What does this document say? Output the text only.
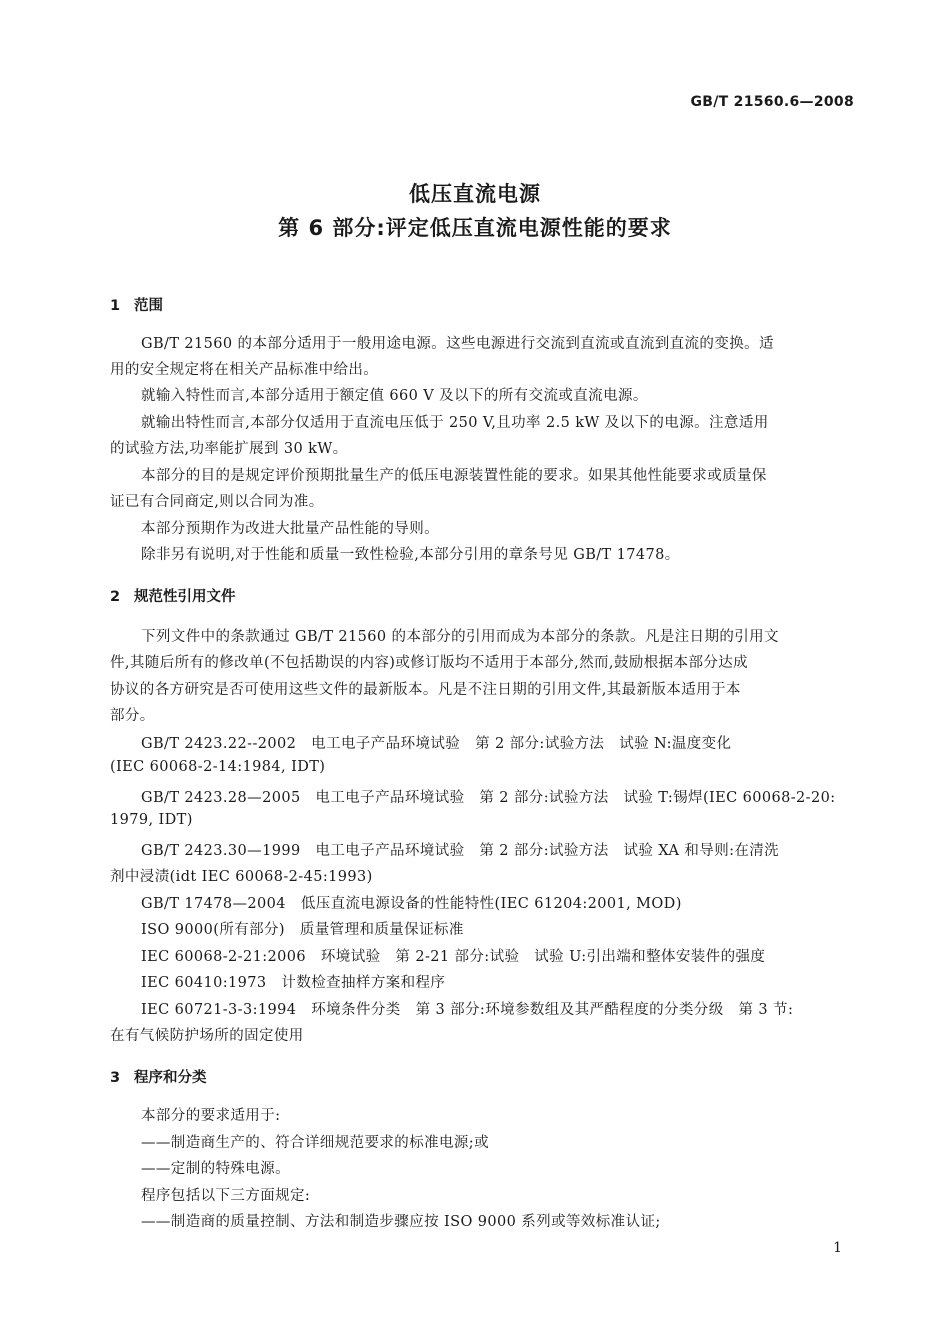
GB/T 21560.6—2008
低压直流电源
第 6 部分:评定低压直流电源性能的要求
1 范围
GB/T 21560 的本部分适用于一般用途电源。这些电源进行交流到直流或直流到直流的变换。适
用的安全规定将在相关产品标准中给出。
就输入特性而言,本部分适用于额定值 660 V 及以下的所有交流或直流电源。
就输出特性而言,本部分仅适用于直流电压低于 250 V,且功率 2.5 kW 及以下的电源。注意适用
的试验方法,功率能扩展到 30 kW。
本部分的目的是规定评价预期批量生产的低压电源装置性能的要求。如果其他性能要求或质量保
证已有合同商定,则以合同为准。
本部分预期作为改进大批量产品性能的导则。
除非另有说明,对于性能和质量一致性检验,本部分引用的章条号见 GB/T 17478。
2 规范性引用文件
下列文件中的条款通过 GB/T 21560 的本部分的引用而成为本部分的条款。凡是注日期的引用文
件,其随后所有的修改单(不包括勘误的内容)或修订版均不适用于本部分,然而,鼓励根据本部分达成
协议的各方研究是否可使用这些文件的最新版本。凡是不注日期的引用文件,其最新版本适用于本
部分。
GB/T 2423.22--2002　电工电子产品环境试验　第 2 部分:试验方法　试验 N:温度变化
(IEC 60068-2-14:1984, IDT)
GB/T 2423.28—2005　电工电子产品环境试验　第 2 部分:试验方法　试验 T:锡焊(IEC 60068-2-20:
1979, IDT)
GB/T 2423.30—1999　电工电子产品环境试验　第 2 部分:试验方法　试验 XA 和导则:在清洗
剂中浸渍(idt IEC 60068-2-45:1993)
GB/T 17478—2004　低压直流电源设备的性能特性(IEC 61204:2001, MOD)
ISO 9000(所有部分)　质量管理和质量保证标准
IEC 60068-2-21:2006　环境试验　第 2-21 部分:试验　试验 U:引出端和整体安装件的强度
IEC 60410:1973　计数检查抽样方案和程序
IEC 60721-3-3:1994　环境条件分类　第 3 部分:环境参数组及其严酷程度的分类分级　第 3 节:
在有气候防护场所的固定使用
3 程序和分类
本部分的要求适用于:
——制造商生产的、符合详细规范要求的标准电源;或
——定制的特殊电源。
程序包括以下三方面规定:
——制造商的质量控制、方法和制造步骤应按 ISO 9000 系列或等效标准认证;
1
